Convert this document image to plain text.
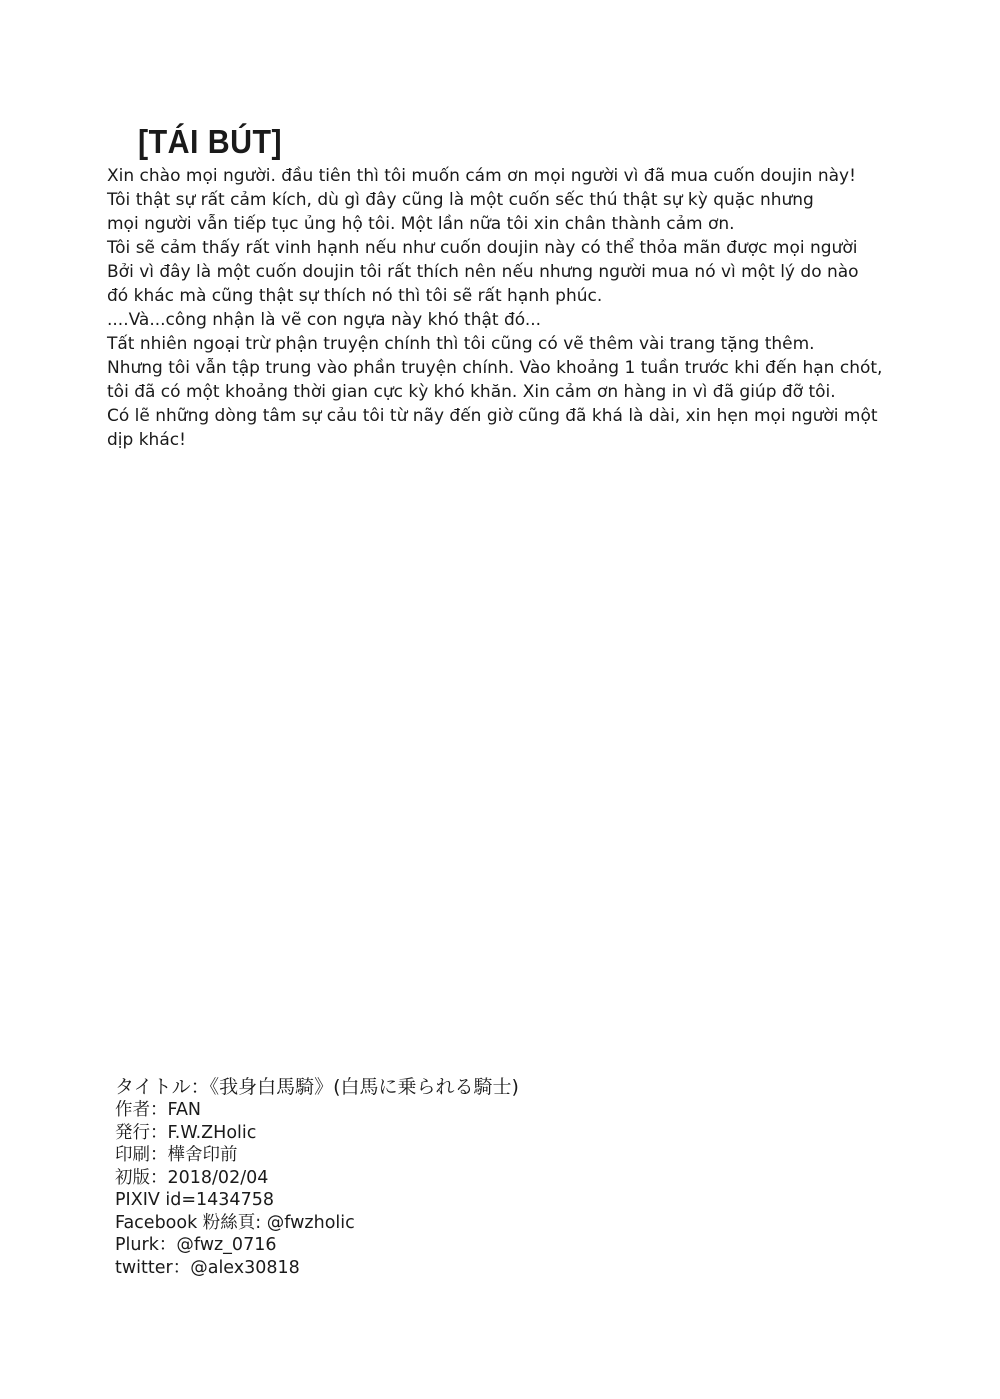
[TÁI BÚT]
Xin chào mọi người. đầu tiên thì tôi muốn cám ơn mọi người vì đã mua cuốn doujin này!
Tôi thật sự rất cảm kích, dù gì đây cũng là một cuốn sếc thú thật sự kỳ quặc nhưng
mọi người vẫn tiếp tục ủng hộ tôi. Một lần nữa tôi xin chân thành cảm ơn.
Tôi sẽ cảm thấy rất vinh hạnh nếu như cuốn doujin này có thể thỏa mãn được mọi người
Bởi vì đây là một cuốn doujin tôi rất thích nên nếu nhưng người mua nó vì một lý do nào
đó khác mà cũng thật sự thích nó thì tôi sẽ rất hạnh phúc.
....Và...công nhận là vẽ con ngựa này khó thật đó...
Tất nhiên ngoại trừ phận truyện chính thì tôi cũng có vẽ thêm vài trang tặng thêm.
Nhưng tôi vẫn tập trung vào phần truyện chính. Vào khoảng 1 tuần trước khi đến hạn chót,
tôi đã có một khoảng thời gian cực kỳ khó khăn. Xin cảm ơn hàng in vì đã giúp đỡ tôi.
Có lẽ những dòng tâm sự cảu tôi từ nãy đến giờ cũng đã khá là dài, xin hẹn mọi người một
dịp khác!
タイトル：《我身白馬騎》(白馬に乗られる騎士)
作者：FAN
発行：F.W.ZHolic
印刷：樺舍印前
初版：2018/02/04
PIXIV id=1434758
Facebook 粉絲頁: @fwzholic
Plurk：@fwz_0716
twitter：@alex30818
